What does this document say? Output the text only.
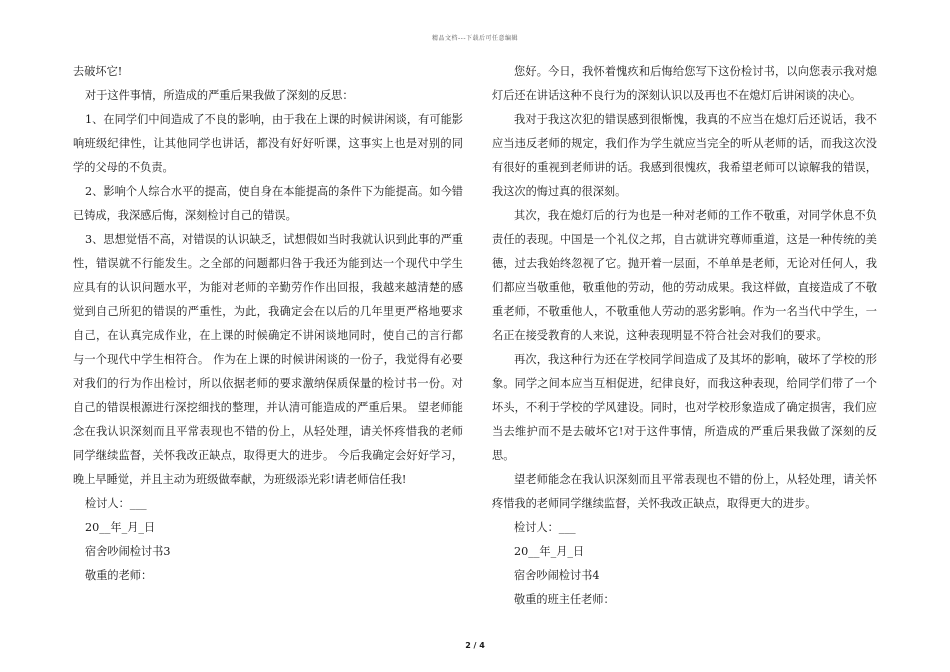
精品文档---下载后可任意编辑

去破坏它!

对于这件事情，所造成的严重后果我做了深刻的反思：

1、在同学们中间造成了不良的影响，由于我在上课的时候讲闲谈，有可能影响班级纪律性，让其他同学也讲话，都没有好好听课，这事实上也是对别的同学的父母的不负责。

2、影响个人综合水平的提高，使自身在本能提高的条件下为能提高。如今错已铸成，我深感后悔，深刻检讨自己的错误。

3、思想觉悟不高，对错误的认识缺乏，试想假如当时我就认识到此事的严重性，错误就不行能发生。之全部的问题都归咎于我还为能到达一个现代中学生应具有的认识问题水平，为能对老师的辛勤劳作作出回报，我越来越清楚的感觉到自己所犯的错误的严重性，为此，我确定会在以后的几年里更严格地要求自己，在认真完成作业，在上课的时候确定不讲闲谈地同时，使自己的言行都与一个现代中学生相符合。 作为在上课的时候讲闲谈的一份子，我觉得有必要对我们的行为作出检讨，所以依据老师的要求激纳保质保量的检讨书一份。对自己的错误根源进行深挖细找的整理，并认清可能造成的严重后果。 望老师能念在我认识深刻而且平常表现也不错的份上，从轻处理，请关怀疼惜我的老师同学继续监督，关怀我改正缺点，取得更大的进步。 今后我确定会好好学习，晚上早睡觉，并且主动为班级做奉献，为班级添光彩!请老师信任我!

检讨人：___

20__年_月_日

宿舍吵闹检讨书3

敬重的老师：

您好。今日，我怀着愧疚和后悔给您写下这份检讨书，以向您表示我对熄灯后还在讲话这种不良行为的深刻认识以及再也不在熄灯后讲闲谈的决心。

我对于我这次犯的错误感到很惭愧，我真的不应当在熄灯后还说话，我不应当违反老师的规定，我们作为学生就应当完全的听从老师的话，而我这次没有很好的重视到老师讲的话。我感到很愧疚，我希望老师可以谅解我的错误，我这次的悔过真的很深刻。

其次，我在熄灯后的行为也是一种对老师的工作不敬重，对同学休息不负责任的表现。中国是一个礼仪之邦，自古就讲究尊师重道，这是一种传统的美德，过去我始终忽视了它。抛开着一层面，不单单是老师，无论对任何人，我们都应当敬重他，敬重他的劳动，他的劳动成果。我这样做，直接造成了不敬重老师，不敬重他人，不敬重他人劳动的恶劣影响。作为一名当代中学生，一名正在接受教育的人来说，这种表现明显不符合社会对我们的要求。

再次，我这种行为还在学校同学间造成了及其坏的影响，破坏了学校的形象。同学之间本应当互相促进，纪律良好，而我这种表现，给同学们带了一个坏头，不利于学校的学风建设。同时，也对学校形象造成了确定损害，我们应当去维护而不是去破坏它!对于这件事情，所造成的严重后果我做了深刻的反思。

望老师能念在我认识深刻而且平常表现也不错的份上，从轻处理，请关怀疼惜我的老师同学继续监督，关怀我改正缺点，取得更大的进步。

检讨人：___

20__年_月_日

宿舍吵闹检讨书4

敬重的班主任老师：

2 / 4
